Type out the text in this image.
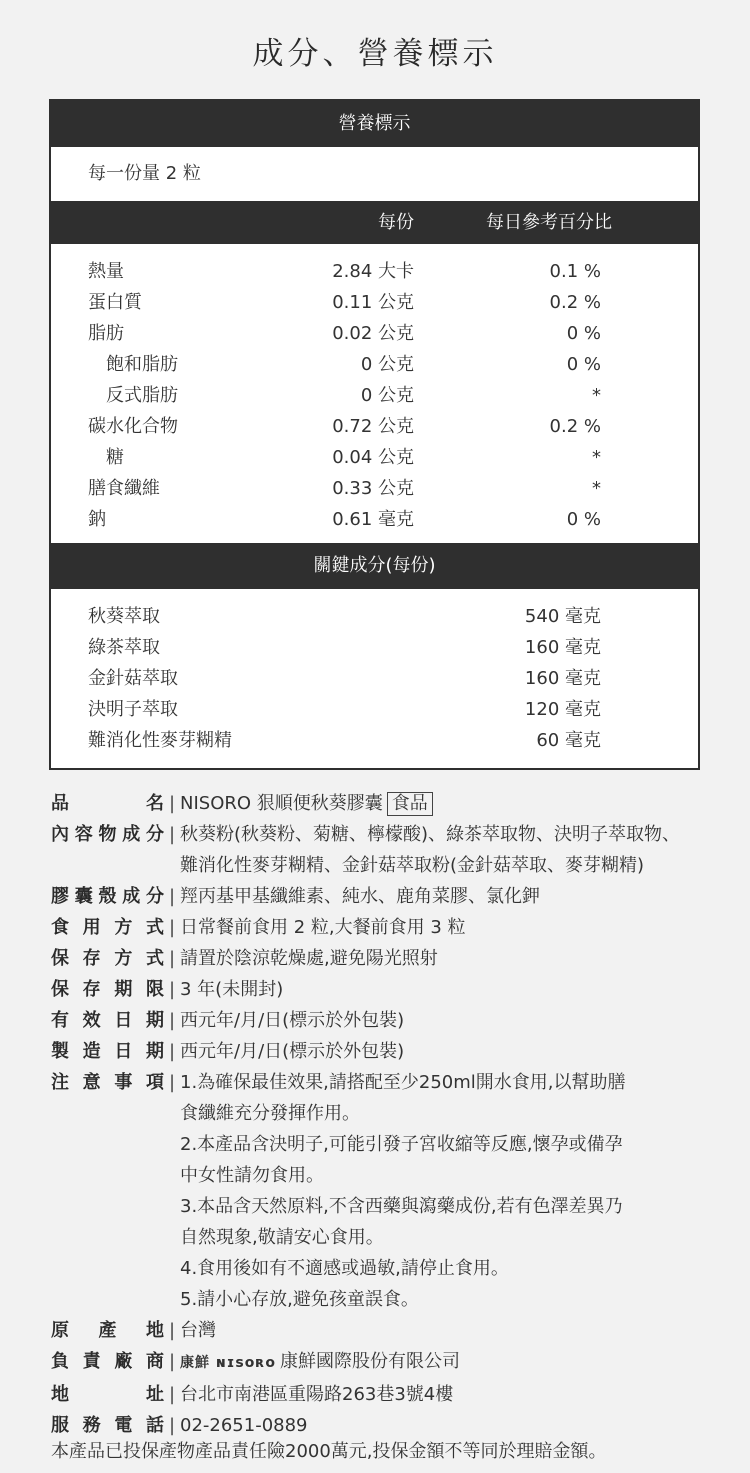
成分、營養標示
營養標示
每一份量 2 粒
每份	每日參考百分比
熱量	2.84 大卡	0.1 %
蛋白質	0.11 公克	0.2 %
脂肪	0.02 公克	0 %
飽和脂肪	0 公克	0 %
反式脂肪	0 公克	*
碳水化合物	0.72 公克	0.2 %
糖	0.04 公克	*
膳食纖維	0.33 公克	*
鈉	0.61 毫克	0 %
關鍵成分(每份)
秋葵萃取	540 毫克
綠茶萃取	160 毫克
金針菇萃取	160 毫克
決明子萃取	120 毫克
難消化性麥芽糊精	60 毫克
品名 | NISORO 狠順便秋葵膠囊 食品
內容物成分 | 秋葵粉(秋葵粉、菊糖、檸檬酸)、綠茶萃取物、決明子萃取物、
難消化性麥芽糊精、金針菇萃取粉(金針菇萃取、麥芽糊精)
膠囊殼成分 | 羥丙基甲基纖維素、純水、鹿角菜膠、氯化鉀
食用方式 | 日常餐前食用 2 粒,大餐前食用 3 粒
保存方式 | 請置於陰涼乾燥處,避免陽光照射
保存期限 | 3 年(未開封)
有效日期 | 西元年/月/日(標示於外包裝)
製造日期 | 西元年/月/日(標示於外包裝)
注意事項 | 1.為確保最佳效果,請搭配至少250ml開水食用,以幫助膳
食纖維充分發揮作用。
2.本產品含決明子,可能引發子宮收縮等反應,懷孕或備孕
中女性請勿食用。
3.本品含天然原料,不含西藥與瀉藥成份,若有色澤差異乃
自然現象,敬請安心食用。
4.食用後如有不適感或過敏,請停止食用。
5.請小心存放,避免孩童誤食。
原產地 | 台灣
負責廠商 | 康鮮 ɴɪsoʀo 康鮮國際股份有限公司
地址 | 台北市南港區重陽路263巷3號4樓
服務電話 | 02-2651-0889
本產品已投保產物產品責任險2000萬元,投保金額不等同於理賠金額。
